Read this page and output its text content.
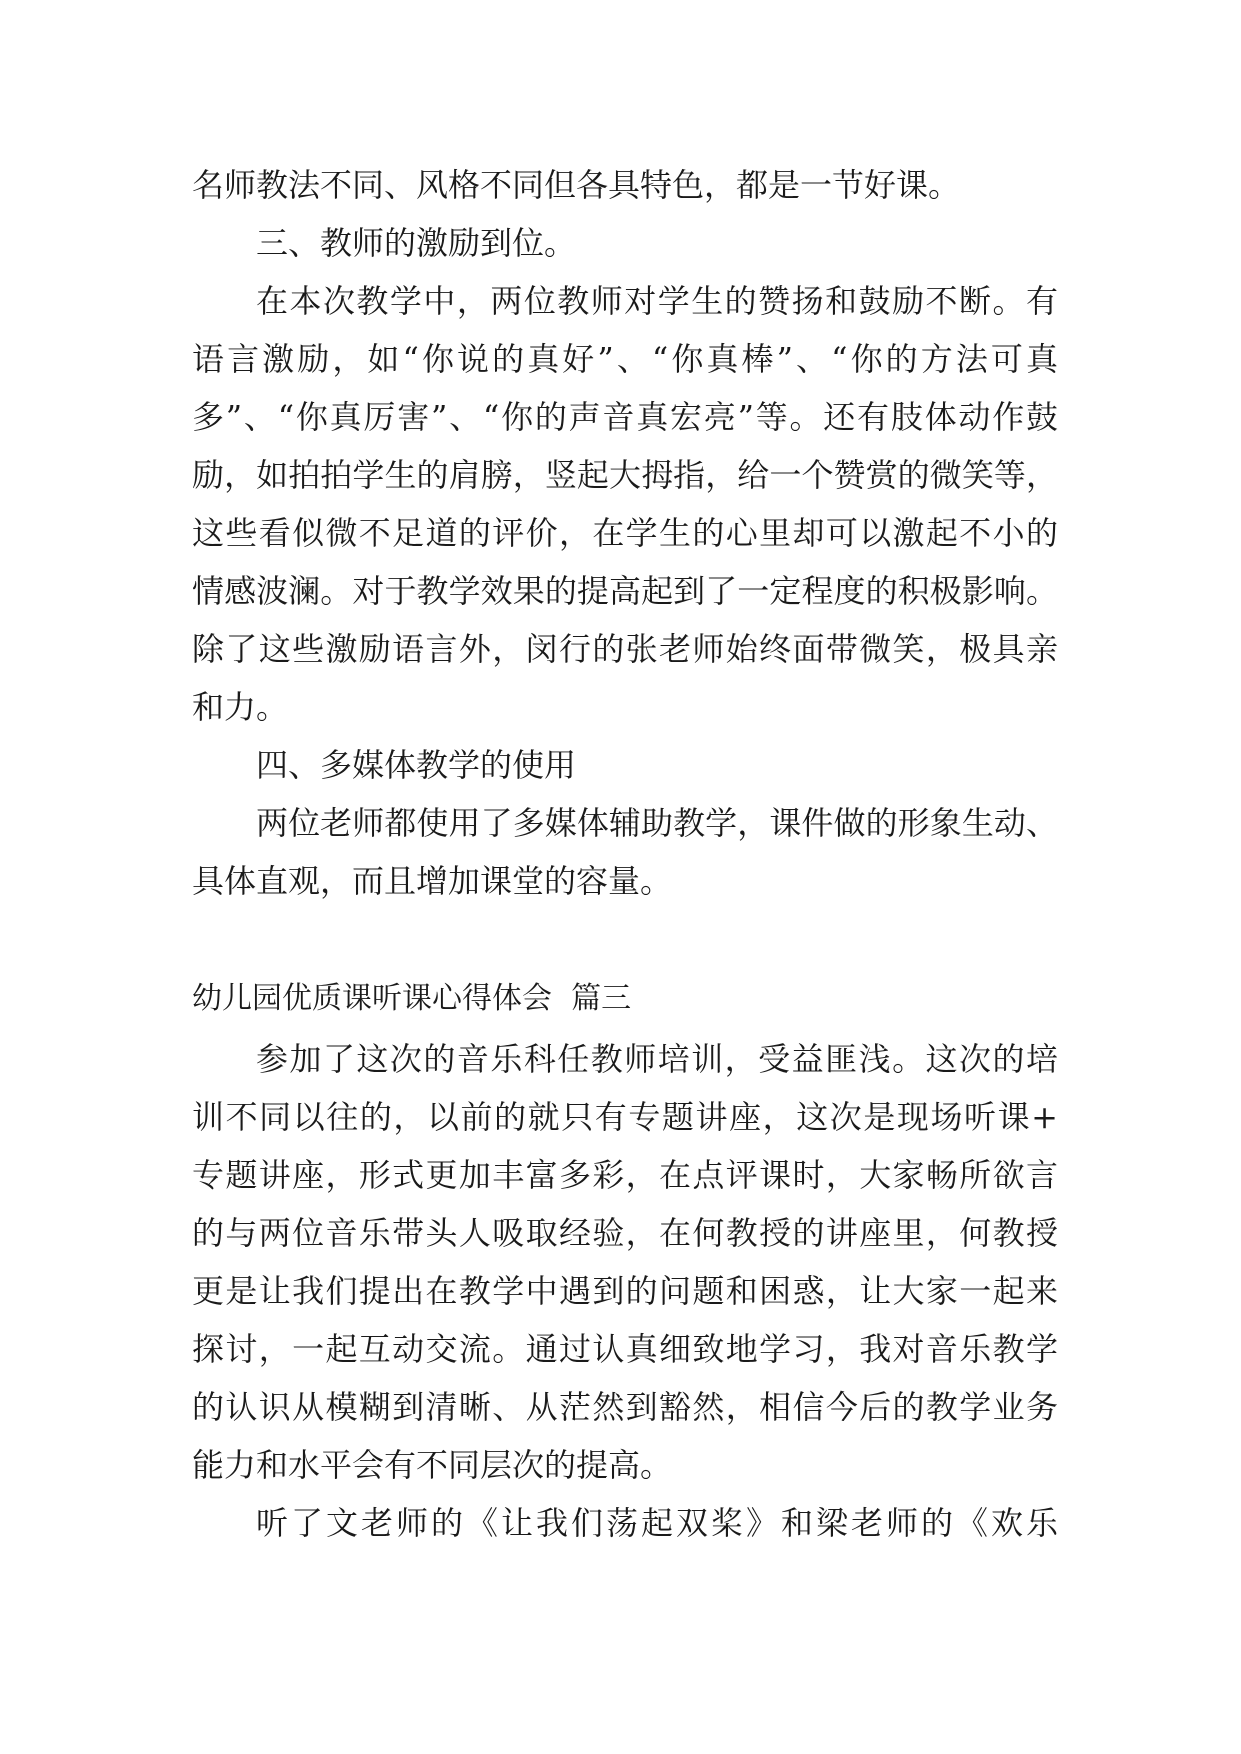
名师教法不同、风格不同但各具特色，都是一节好课。
三、教师的激励到位。
在本次教学中，两位教师对学生的赞扬和鼓励不断。有
语言激励，如“你说的真好”、“你真棒”、“你的方法可真
多”、“你真厉害”、“你的声音真宏亮”等。还有肢体动作鼓
励，如拍拍学生的肩膀，竖起大拇指，给一个赞赏的微笑等，
这些看似微不足道的评价，在学生的心里却可以激起不小的
情感波澜。对于教学效果的提高起到了一定程度的积极影响。
除了这些激励语言外，闵行的张老师始终面带微笑，极具亲
和力。
四、多媒体教学的使用
两位老师都使用了多媒体辅助教学，课件做的形象生动、
具体直观，而且增加课堂的容量。
幼儿园优质课听课心得体会  篇三
参加了这次的音乐科任教师培训，受益匪浅。这次的培
训不同以往的，以前的就只有专题讲座，这次是现场听课+
专题讲座，形式更加丰富多彩，在点评课时，大家畅所欲言
的与两位音乐带头人吸取经验，在何教授的讲座里，何教授
更是让我们提出在教学中遇到的问题和困惑，让大家一起来
探讨，一起互动交流。通过认真细致地学习，我对音乐教学
的认识从模糊到清晰、从茫然到豁然，相信今后的教学业务
能力和水平会有不同层次的提高。
听了文老师的《让我们荡起双桨》和梁老师的《欢乐
